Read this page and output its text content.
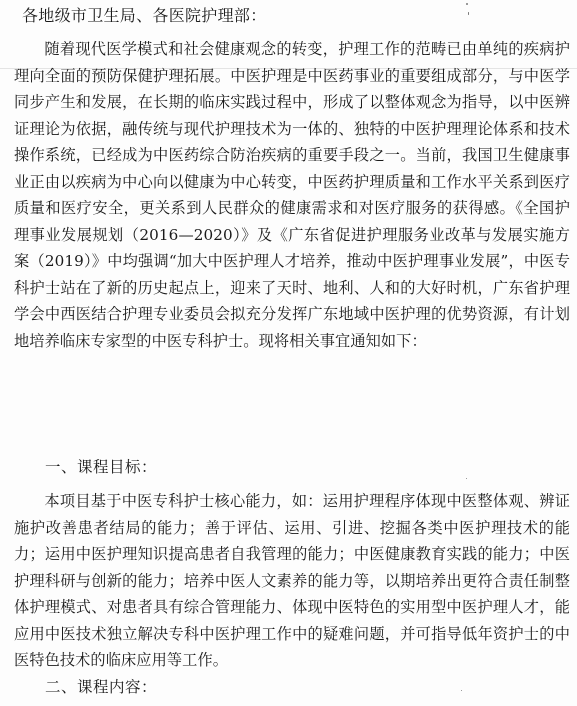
各地级市卫生局、各医院护理部：
随着现代医学模式和社会健康观念的转变，护理工作的范畴已由单纯的疾病护理向全面的预防保健护理拓展。中医护理是中医药事业的重要组成部分，与中医学同步产生和发展，在长期的临床实践过程中，形成了以整体观念为指导，以中医辨证理论为依据，融传统与现代护理技术为一体的、独特的中医护理理论体系和技术操作系统，已经成为中医药综合防治疾病的重要手段之一。当前，我国卫生健康事业正由以疾病为中心向以健康为中心转变，中医药护理质量和工作水平关系到医疗质量和医疗安全，更关系到人民群众的健康需求和对医疗服务的获得感。《全国护理事业发展规划（2016—2020）》及《广东省促进护理服务业改革与发展实施方案（2019）》中均强调“加大中医护理人才培养，推动中医护理事业发展”，中医专科护士站在了新的历史起点上，迎来了天时、地利、人和的大好时机，广东省护理学会中西医结合护理专业委员会拟充分发挥广东地域中医护理的优势资源，有计划地培养临床专家型的中医专科护士。现将相关事宜通知如下：
一、课程目标：
本项目基于中医专科护士核心能力，如：运用护理程序体现中医整体观、辨证施护改善患者结局的能力；善于评估、运用、引进、挖掘各类中医护理技术的能力；运用中医护理知识提高患者自我管理的能力；中医健康教育实践的能力；中医护理科研与创新的能力；培养中医人文素养的能力等，以期培养出更符合责任制整体护理模式、对患者具有综合管理能力、体现中医特色的实用型中医护理人才，能应用中医技术独立解决专科中医护理工作中的疑难问题，并可指导低年资护士的中医特色技术的临床应用等工作。
二、课程内容：
